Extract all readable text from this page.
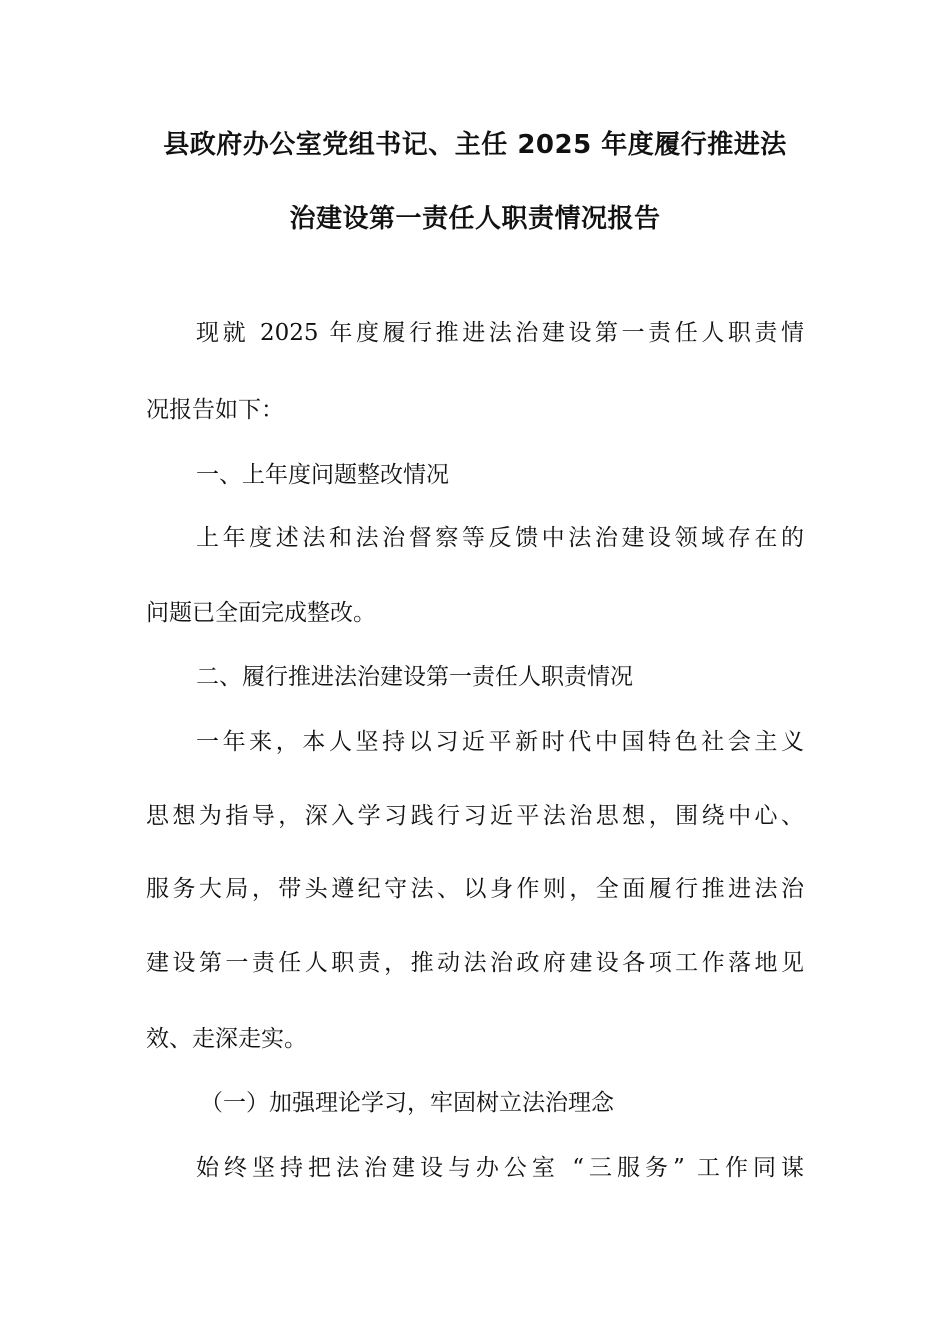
县政府办公室党组书记、主任 2025 年度履行推进法
治建设第一责任人职责情况报告
现就 2025 年度履行推进法治建设第一责任人职责情
况报告如下：
一、上年度问题整改情况
上年度述法和法治督察等反馈中法治建设领域存在的
问题已全面完成整改。
二、履行推进法治建设第一责任人职责情况
一年来，本人坚持以习近平新时代中国特色社会主义
思想为指导，深入学习践行习近平法治思想，围绕中心、
服务大局，带头遵纪守法、以身作则，全面履行推进法治
建设第一责任人职责，推动法治政府建设各项工作落地见
效、走深走实。
（一）加强理论学习，牢固树立法治理念
始终坚持把法治建设与办公室 “三服务” 工作同谋
